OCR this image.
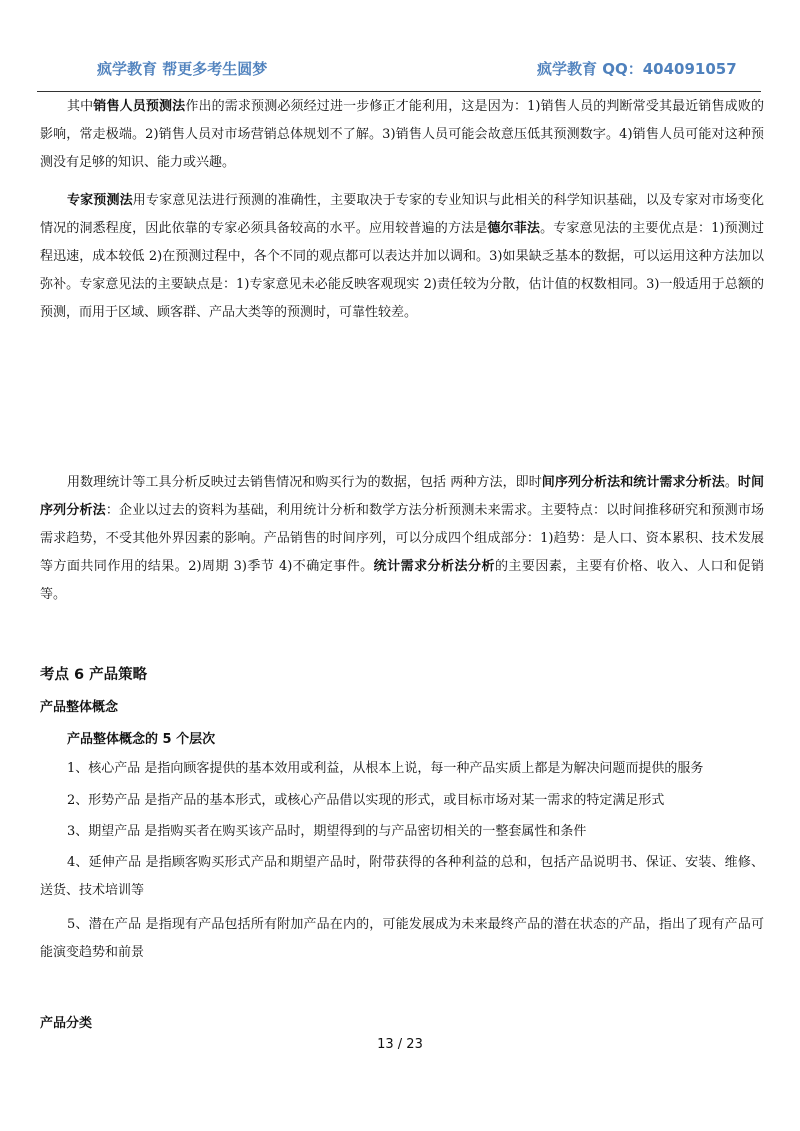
疯学教育 帮更多考生圆梦	疯学教育 QQ：404091057

其中销售人员预测法作出的需求预测必须经过进一步修正才能利用，这是因为：1)销售人员的判断常受其最近销售成败的影响，常走极端。2)销售人员对市场营销总体规划不了解。3)销售人员可能会故意压低其预测数字。4)销售人员可能对这种预测没有足够的知识、能力或兴趣。

专家预测法用专家意见法进行预测的准确性，主要取决于专家的专业知识与此相关的科学知识基础，以及专家对市场变化情况的洞悉程度，因此依靠的专家必须具备较高的水平。应用较普遍的方法是德尔菲法。专家意见法的主要优点是：1)预测过程迅速，成本较低 2)在预测过程中，各个不同的观点都可以表达并加以调和。3)如果缺乏基本的数据，可以运用这种方法加以弥补。专家意见法的主要缺点是：1)专家意见未必能反映客观现实 2)责任较为分散，估计值的权数相同。3)一般适用于总额的预测，而用于区域、顾客群、产品大类等的预测时，可靠性较差。

用数理统计等工具分析反映过去销售情况和购买行为的数据，包括 两种方法，即时间序列分析法和统计需求分析法。时间序列分析法：企业以过去的资料为基础，利用统计分析和数学方法分析预测未来需求。主要特点：以时间推移研究和预测市场需求趋势，不受其他外界因素的影响。产品销售的时间序列，可以分成四个组成部分：1)趋势：是人口、资本累积、技术发展等方面共同作用的结果。2)周期 3)季节 4)不确定事件。统计需求分析法分析的主要因素，主要有价格、收入、人口和促销等。

考点 6 产品策略
产品整体概念
产品整体概念的 5 个层次

1、核心产品 是指向顾客提供的基本效用或利益，从根本上说，每一种产品实质上都是为解决问题而提供的服务

2、形势产品 是指产品的基本形式，或核心产品借以实现的形式，或目标市场对某一需求的特定满足形式

3、期望产品 是指购买者在购买该产品时，期望得到的与产品密切相关的一整套属性和条件

4、延伸产品 是指顾客购买形式产品和期望产品时，附带获得的各种利益的总和，包括产品说明书、保证、安装、维修、送货、技术培训等

5、潜在产品 是指现有产品包括所有附加产品在内的，可能发展成为未来最终产品的潜在状态的产品，指出了现有产品可能演变趋势和前景

产品分类
13 / 23
